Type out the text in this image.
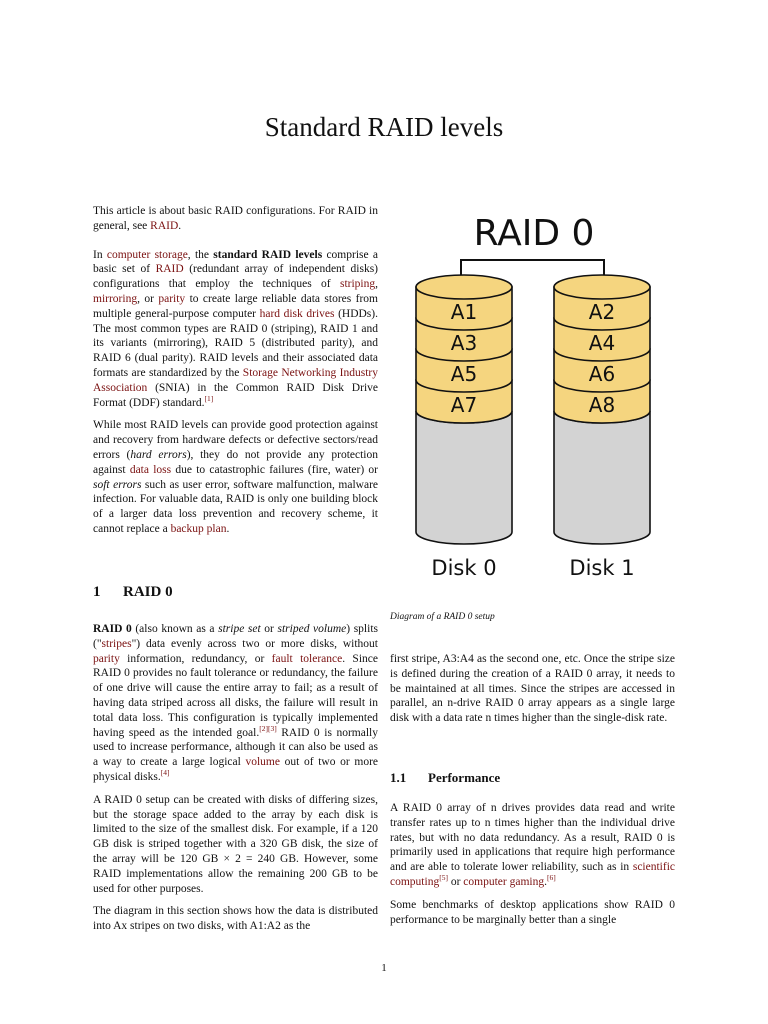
Standard RAID levels

This article is about basic RAID configurations. For RAID in general, see RAID.

In computer storage, the standard RAID levels comprise a basic set of RAID (redundant array of independent disks) configurations that employ the techniques of striping, mirroring, or parity to create large reliable data stores from multiple general-purpose computer hard disk drives (HDDs). The most common types are RAID 0 (striping), RAID 1 and its variants (mirroring), RAID 5 (distributed parity), and RAID 6 (dual parity). RAID levels and their associated data formats are standardized by the Storage Networking Industry Association (SNIA) in the Common RAID Disk Drive Format (DDF) standard.[1]

While most RAID levels can provide good protection against and recovery from hardware defects or defective sectors/read errors (hard errors), they do not provide any protection against data loss due to catastrophic failures (fire, water) or soft errors such as user error, software malfunction, malware infection. For valuable data, RAID is only one building block of a larger data loss prevention and recovery scheme, it cannot replace a backup plan.

1 RAID 0

RAID 0 (also known as a stripe set or striped volume) splits ("stripes") data evenly across two or more disks, without parity information, redundancy, or fault tolerance. Since RAID 0 provides no fault tolerance or redundancy, the failure of one drive will cause the entire array to fail; as a result of having data striped across all disks, the failure will result in total data loss. This configuration is typically implemented having speed as the intended goal.[2][3] RAID 0 is normally used to increase performance, although it can also be used as a way to create a large logical volume out of two or more physical disks.[4]

A RAID 0 setup can be created with disks of differing sizes, but the storage space added to the array by each disk is limited to the size of the smallest disk. For example, if a 120 GB disk is striped together with a 320 GB disk, the size of the array will be 120 GB × 2 = 240 GB. However, some RAID implementations allow the remaining 200 GB to be used for other purposes.

The diagram in this section shows how the data is distributed into Ax stripes on two disks, with A1:A2 as the

RAID 0
A7
A5
A3
A1
A8
A6
A4
A2
Disk 0	Disk 1
Diagram of a RAID 0 setup

first stripe, A3:A4 as the second one, etc. Once the stripe size is defined during the creation of a RAID 0 array, it needs to be maintained at all times. Since the stripes are accessed in parallel, an n-drive RAID 0 array appears as a single large disk with a data rate n times higher than the single-disk rate.

1.1 Performance

A RAID 0 array of n drives provides data read and write transfer rates up to n times higher than the individual drive rates, but with no data redundancy. As a result, RAID 0 is primarily used in applications that require high performance and are able to tolerate lower reliability, such as in scientific computing[5] or computer gaming.[6]

Some benchmarks of desktop applications show RAID 0 performance to be marginally better than a single

1
